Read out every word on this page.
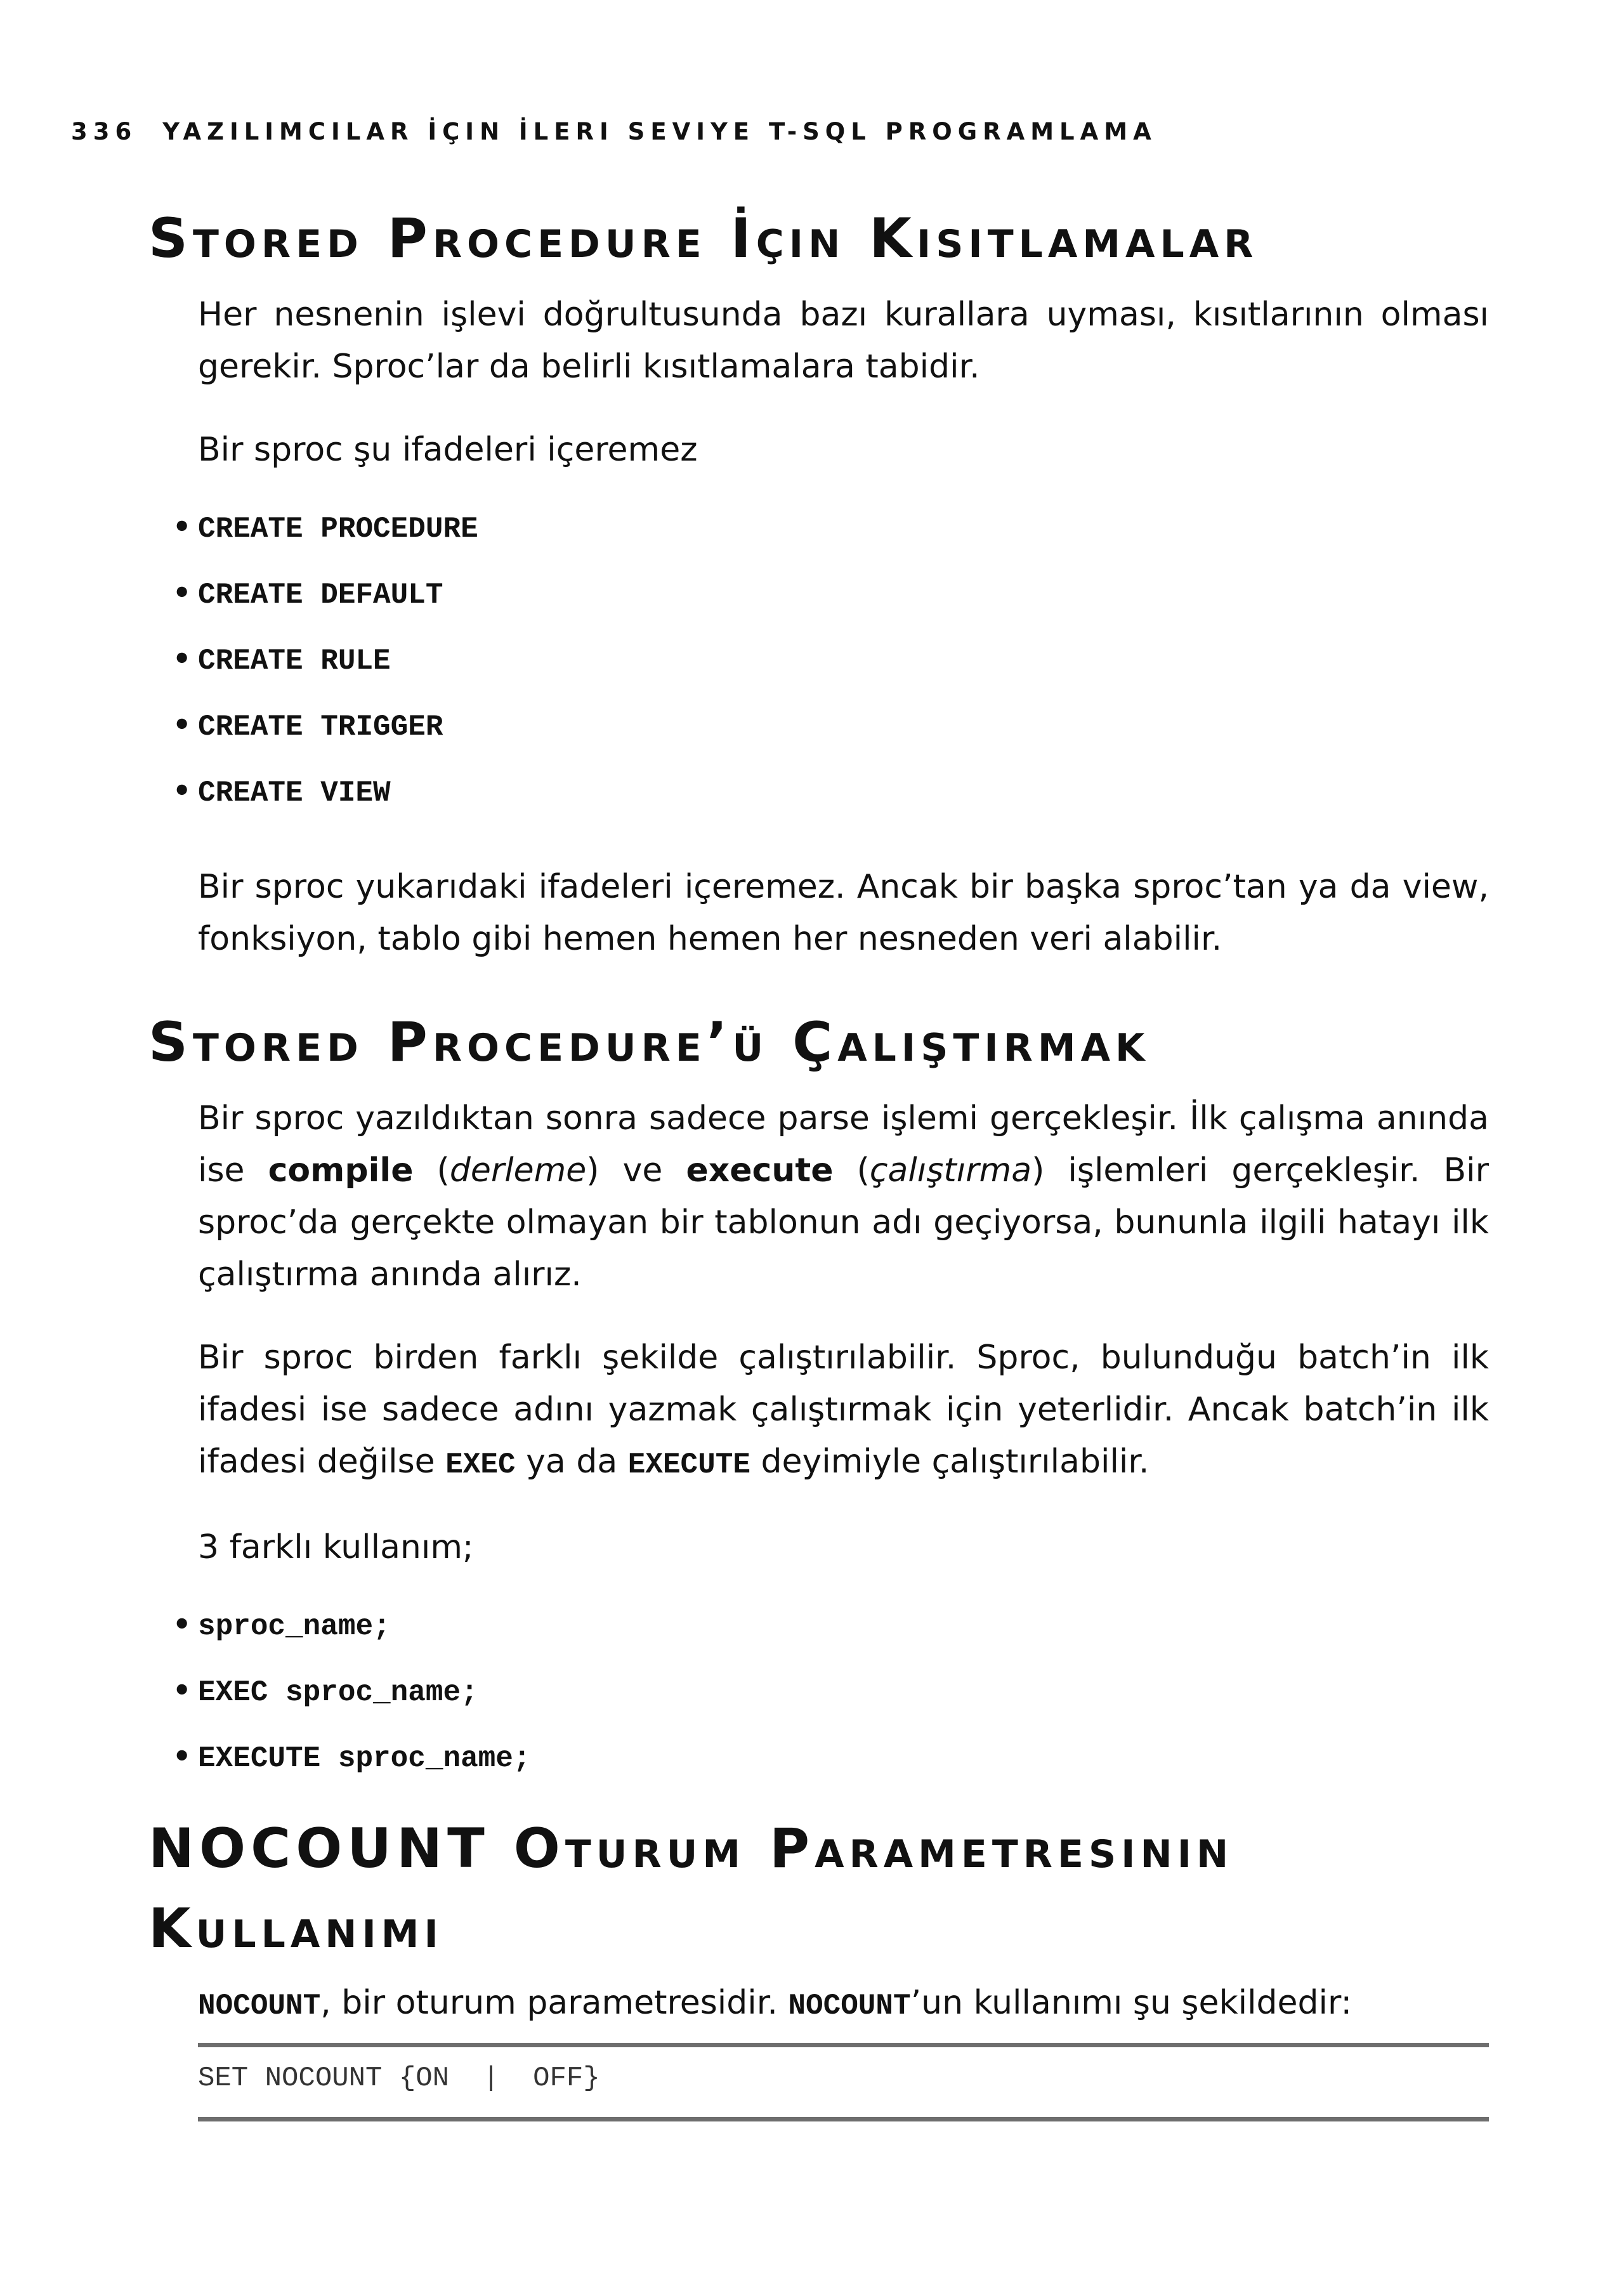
336 YAZILIMCILAR İÇIN İLERI SEVIYE T-SQL PROGRAMLAMA
Stored Procedure İçin Kısıtlamalar

Her nesnenin işlevi doğrultusunda bazı kurallara uyması, kısıtlarının olması gerekir. Sproc’lar da belirli kısıtlamalara tabidir.

Bir sproc şu ifadeleri içeremez

• CREATE PROCEDURE
• CREATE DEFAULT
• CREATE RULE
• CREATE TRIGGER
• CREATE VIEW

Bir sproc yukarıdaki ifadeleri içeremez. Ancak bir başka sproc’tan ya da view, fonksiyon, tablo gibi hemen hemen her nesneden veri alabilir.

Stored Procedure’ü Çalıştırmak

Bir sproc yazıldıktan sonra sadece parse işlemi gerçekleşir. İlk çalışma anında ise compile (derleme) ve execute (çalıştırma) işlemleri gerçekleşir. Bir sproc’da gerçekte olmayan bir tablonun adı geçiyorsa, bununla ilgili hatayı ilk çalıştırma anında alırız.

Bir sproc birden farklı şekilde çalıştırılabilir. Sproc, bulunduğu batch’in ilk ifadesi ise sadece adını yazmak çalıştırmak için yeterlidir. Ancak batch’in ilk ifadesi değilse EXEC ya da EXECUTE deyimiyle çalıştırılabilir.

3 farklı kullanım;

• sproc_name;
• EXEC sproc_name;
• EXECUTE sproc_name;
NOCOUNT Oturum Parametresinin
Kullanımı

NOCOUNT, bir oturum parametresidir. NOCOUNT’un kullanımı şu şekildedir:

SET NOCOUNT {ON  |  OFF}
